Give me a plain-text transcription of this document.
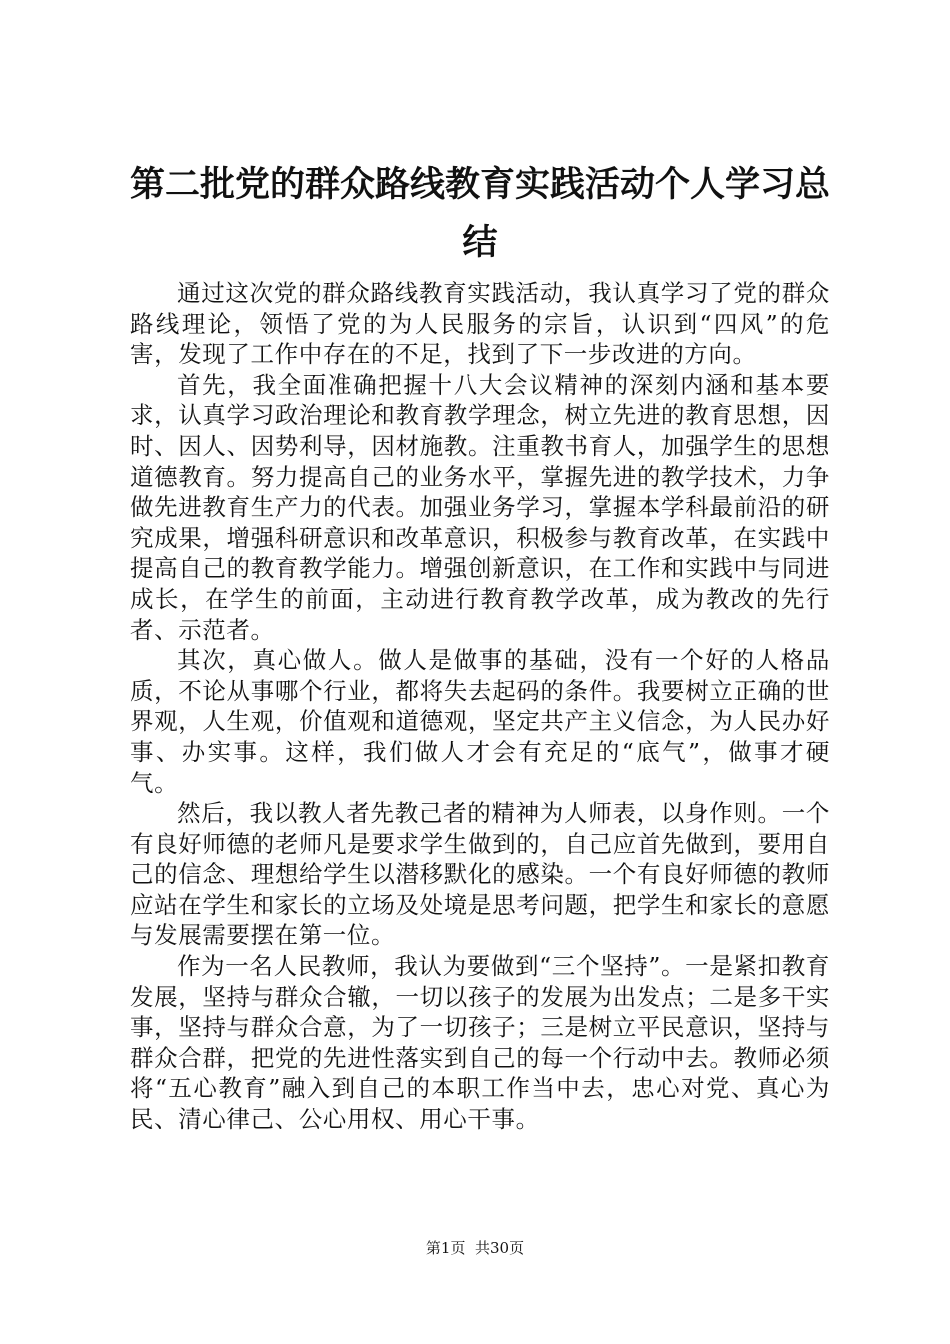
第二批党的群众路线教育实践活动个人学习总
结

通过这次党的群众路线教育实践活动，我认真学习了党的群众路线理论，领悟了党的为人民服务的宗旨，认识到“四风”的危害，发现了工作中存在的不足，找到了下一步改进的方向。

首先，我全面准确把握十八大会议精神的深刻内涵和基本要求，认真学习政治理论和教育教学理念，树立先进的教育思想，因时、因人、因势利导，因材施教。注重教书育人，加强学生的思想道德教育。努力提高自己的业务水平，掌握先进的教学技术，力争做先进教育生产力的代表。加强业务学习，掌握本学科最前沿的研究成果，增强科研意识和改革意识，积极参与教育改革，在实践中提高自己的教育教学能力。增强创新意识，在工作和实践中与同进成长，在学生的前面，主动进行教育教学改革，成为教改的先行者、示范者。

其次，真心做人。做人是做事的基础，没有一个好的人格品质，不论从事哪个行业，都将失去起码的条件。我要树立正确的世界观，人生观，价值观和道德观，坚定共产主义信念，为人民办好事、办实事。这样，我们做人才会有充足的“底气”，做事才硬气。

然后，我以教人者先教己者的精神为人师表，以身作则。一个有良好师德的老师凡是要求学生做到的，自己应首先做到，要用自己的信念、理想给学生以潜移默化的感染。一个有良好师德的教师应站在学生和家长的立场及处境是思考问题，把学生和家长的意愿与发展需要摆在第一位。

作为一名人民教师，我认为要做到“三个坚持”。一是紧扣教育发展，坚持与群众合辙，一切以孩子的发展为出发点；二是多干实事，坚持与群众合意，为了一切孩子；三是树立平民意识，坚持与群众合群，把党的先进性落实到自己的每一个行动中去。教师必须将“五心教育”融入到自己的本职工作当中去，忠心对党、真心为民、清心律己、公心用权、用心干事。

第1页  共30页
